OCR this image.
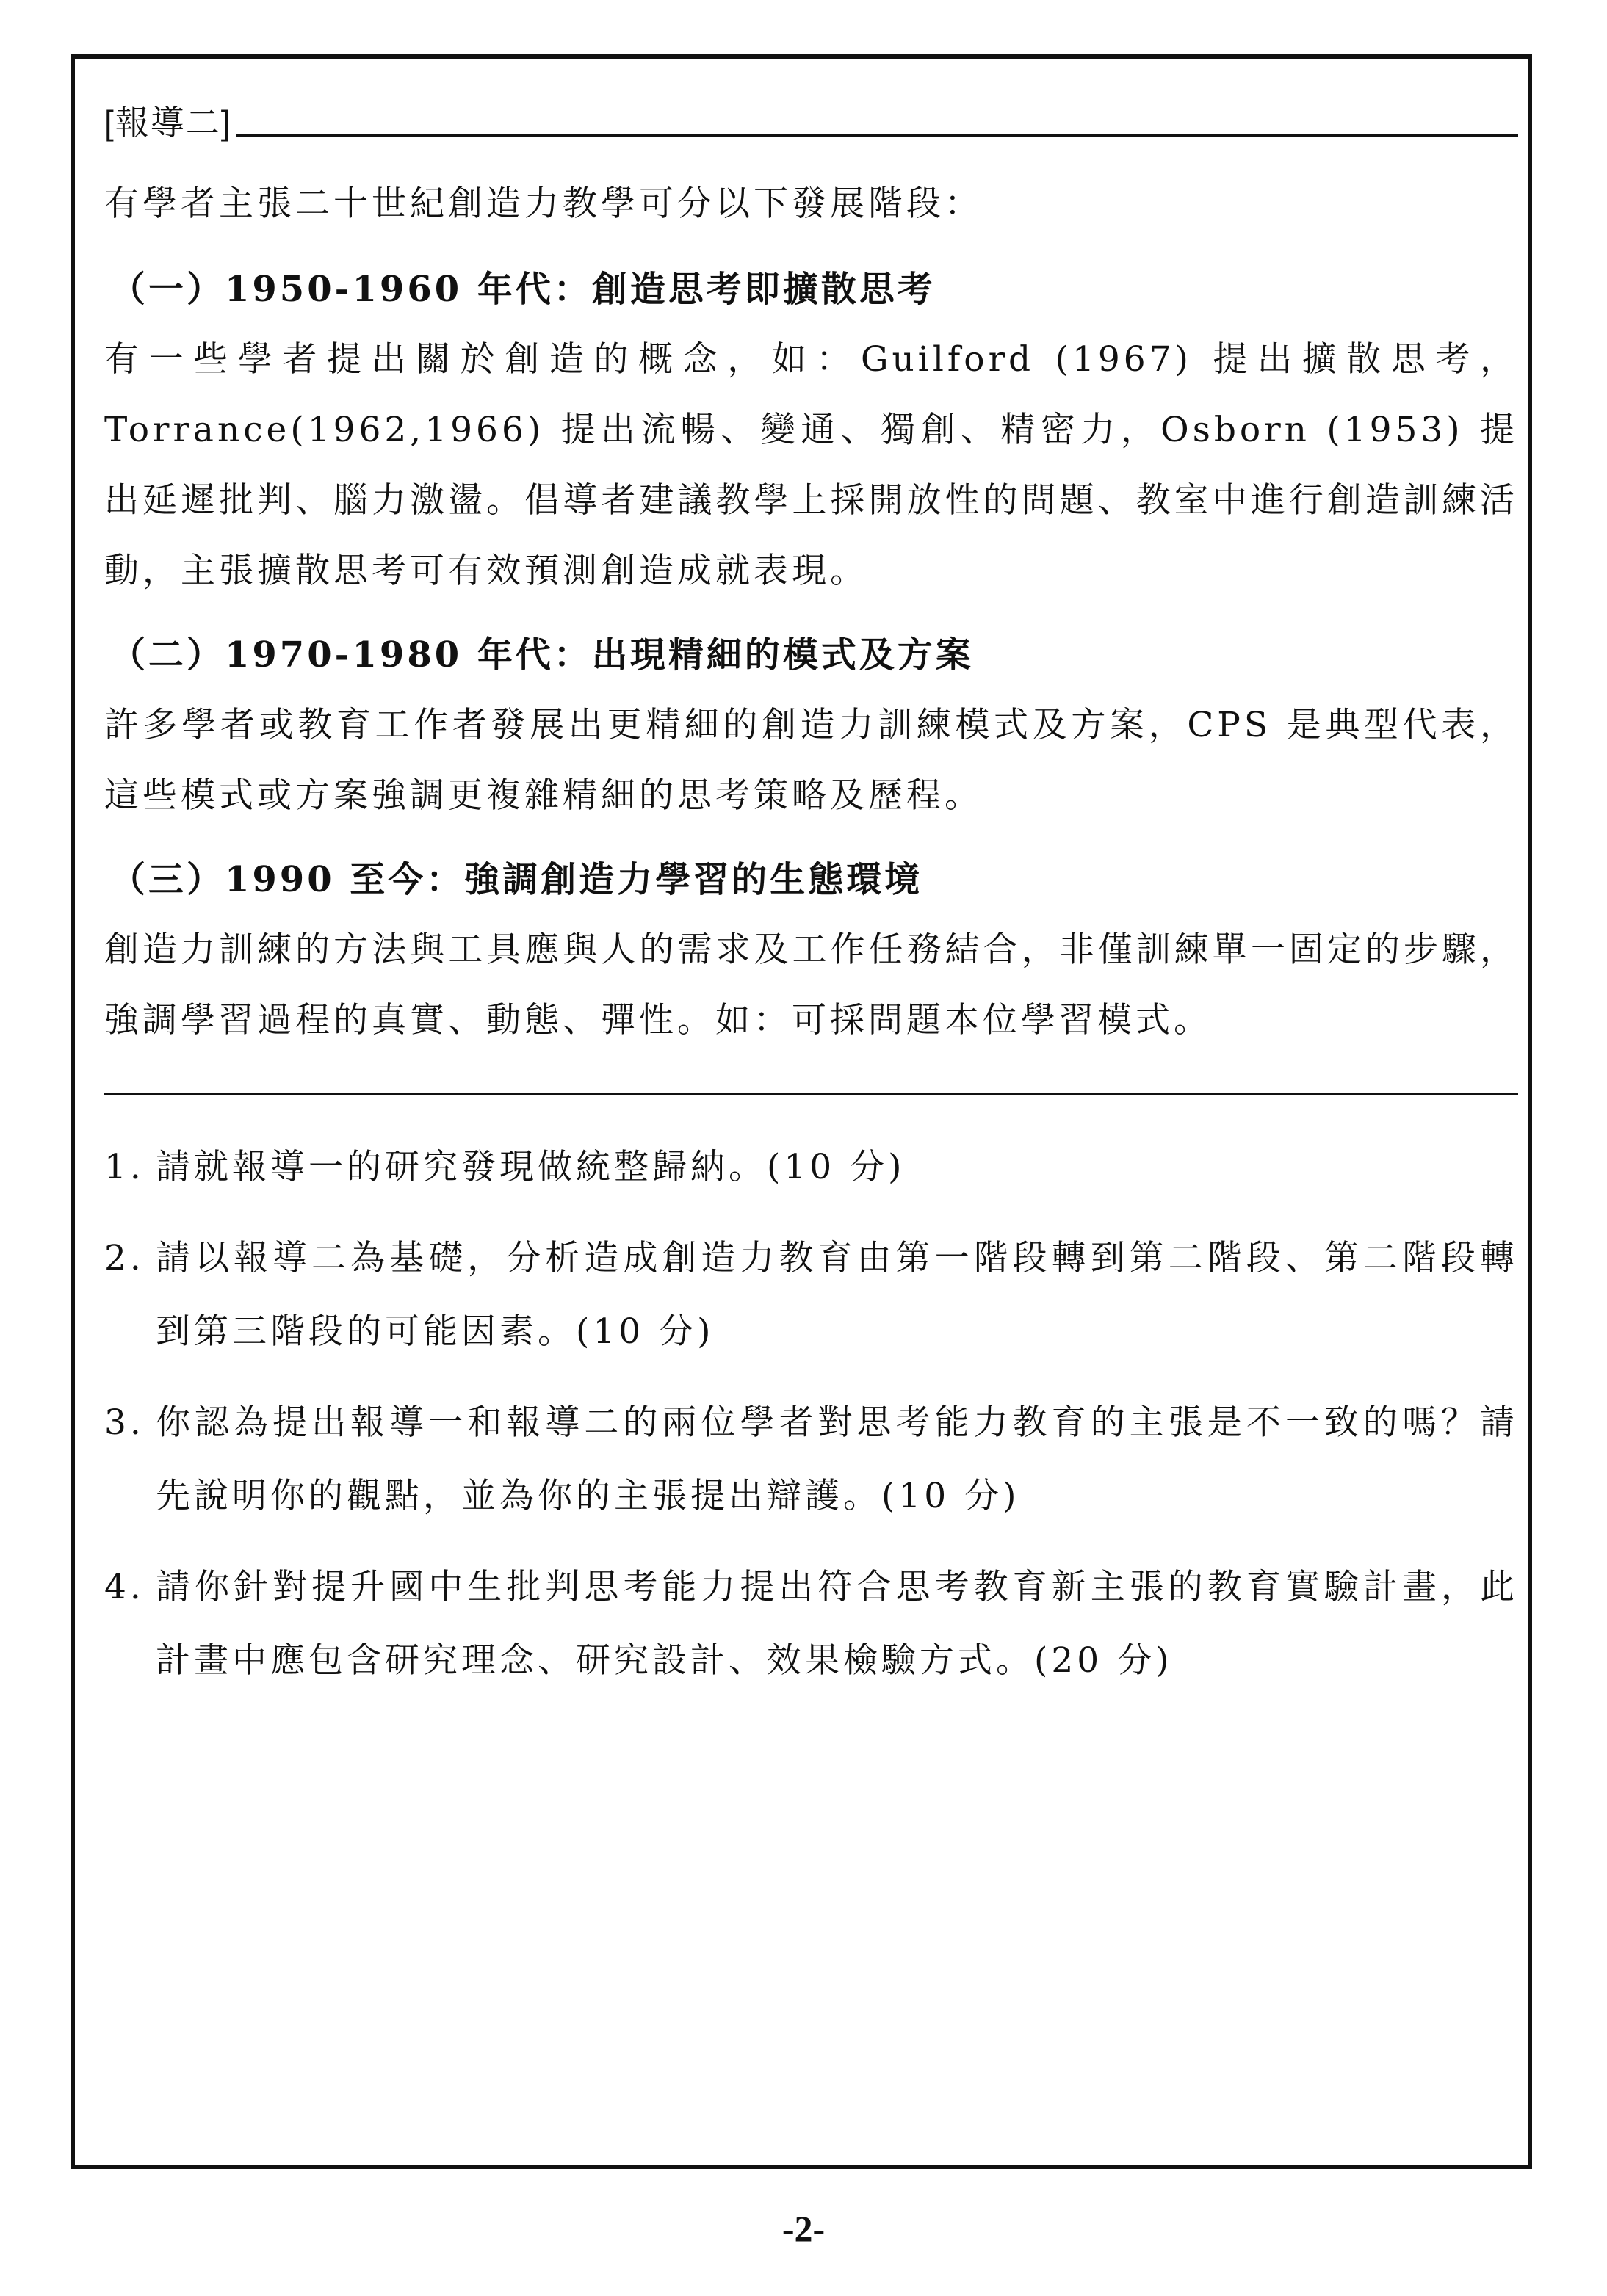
[報導二]

有學者主張二十世紀創造力教學可分以下發展階段：

（一）1950-1960 年代：創造思考即擴散思考

有一些學者提出關於創造的概念，如：Guilford (1967) 提出擴散思考，Torrance(1962,1966) 提出流暢、變通、獨創、精密力，Osborn (1953) 提出延遲批判、腦力激盪。倡導者建議教學上採開放性的問題、教室中進行創造訓練活動，主張擴散思考可有效預測創造成就表現。

（二）1970-1980 年代：出現精細的模式及方案

許多學者或教育工作者發展出更精細的創造力訓練模式及方案，CPS 是典型代表，這些模式或方案強調更複雜精細的思考策略及歷程。

（三）1990 至今：強調創造力學習的生態環境

創造力訓練的方法與工具應與人的需求及工作任務結合，非僅訓練單一固定的步驟，強調學習過程的真實、動態、彈性。如：可採問題本位學習模式。

1. 請就報導一的研究發現做統整歸納。(10 分)
2. 請以報導二為基礎，分析造成創造力教育由第一階段轉到第二階段、第二階段轉到第三階段的可能因素。(10 分)
3. 你認為提出報導一和報導二的兩位學者對思考能力教育的主張是不一致的嗎？請先說明你的觀點，並為你的主張提出辯護。(10 分)
4. 請你針對提升國中生批判思考能力提出符合思考教育新主張的教育實驗計畫，此計畫中應包含研究理念、研究設計、效果檢驗方式。(20 分)
-2-
